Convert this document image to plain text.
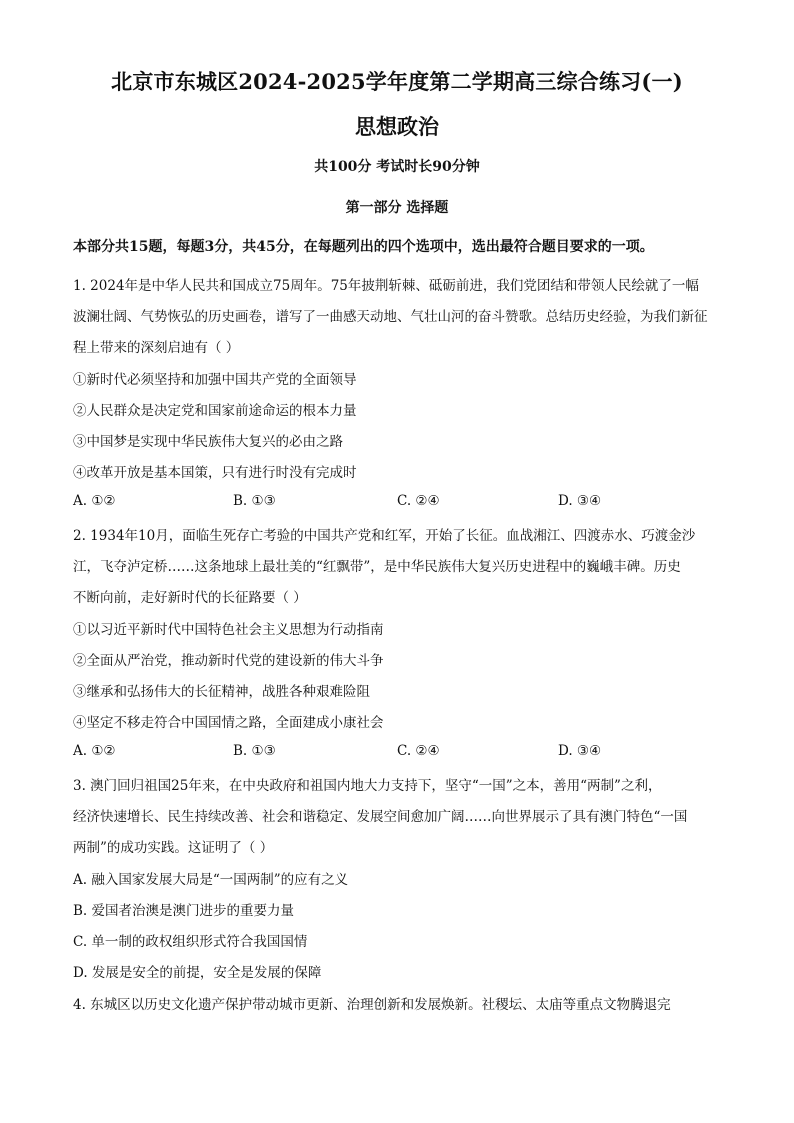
北京市东城区2024-2025学年度第二学期高三综合练习(一)
思想政治
共100分 考试时长90分钟
第一部分 选择题
本部分共15题，每题3分，共45分，在每题列出的四个选项中，选出最符合题目要求的一项。
1. 2024年是中华人民共和国成立75周年。75年披荆斩棘、砥砺前进，我们党团结和带领人民绘就了一幅
波澜壮阔、气势恢弘的历史画卷，谱写了一曲感天动地、气壮山河的奋斗赞歌。总结历史经验，为我们新征
程上带来的深刻启迪有（ ）
①新时代必须坚持和加强中国共产党的全面领导
②人民群众是决定党和国家前途命运的根本力量
③中国梦是实现中华民族伟大复兴的必由之路
④改革开放是基本国策，只有进行时没有完成时
A. ①②	B. ①③	C. ②④	D. ③④
2. 1934年10月，面临生死存亡考验的中国共产党和红军，开始了长征。血战湘江、四渡赤水、巧渡金沙
江，飞夺泸定桥……这条地球上最壮美的“红飘带”，是中华民族伟大复兴历史进程中的巍峨丰碑。历史
不断向前，走好新时代的长征路要（ ）
①以习近平新时代中国特色社会主义思想为行动指南
②全面从严治党，推动新时代党的建设新的伟大斗争
③继承和弘扬伟大的长征精神，战胜各种艰难险阻
④坚定不移走符合中国国情之路，全面建成小康社会
A. ①②	B. ①③	C. ②④	D. ③④
3. 澳门回归祖国25年来，在中央政府和祖国内地大力支持下，坚守“一国”之本，善用“两制”之利，
经济快速增长、民生持续改善、社会和谐稳定、发展空间愈加广阔……向世界展示了具有澳门特色“一国
两制”的成功实践。这证明了（ ）
A. 融入国家发展大局是“一国两制”的应有之义
B. 爱国者治澳是澳门进步的重要力量
C. 单一制的政权组织形式符合我国国情
D. 发展是安全的前提，安全是发展的保障
4. 东城区以历史文化遗产保护带动城市更新、治理创新和发展焕新。社稷坛、太庙等重点文物腾退完
